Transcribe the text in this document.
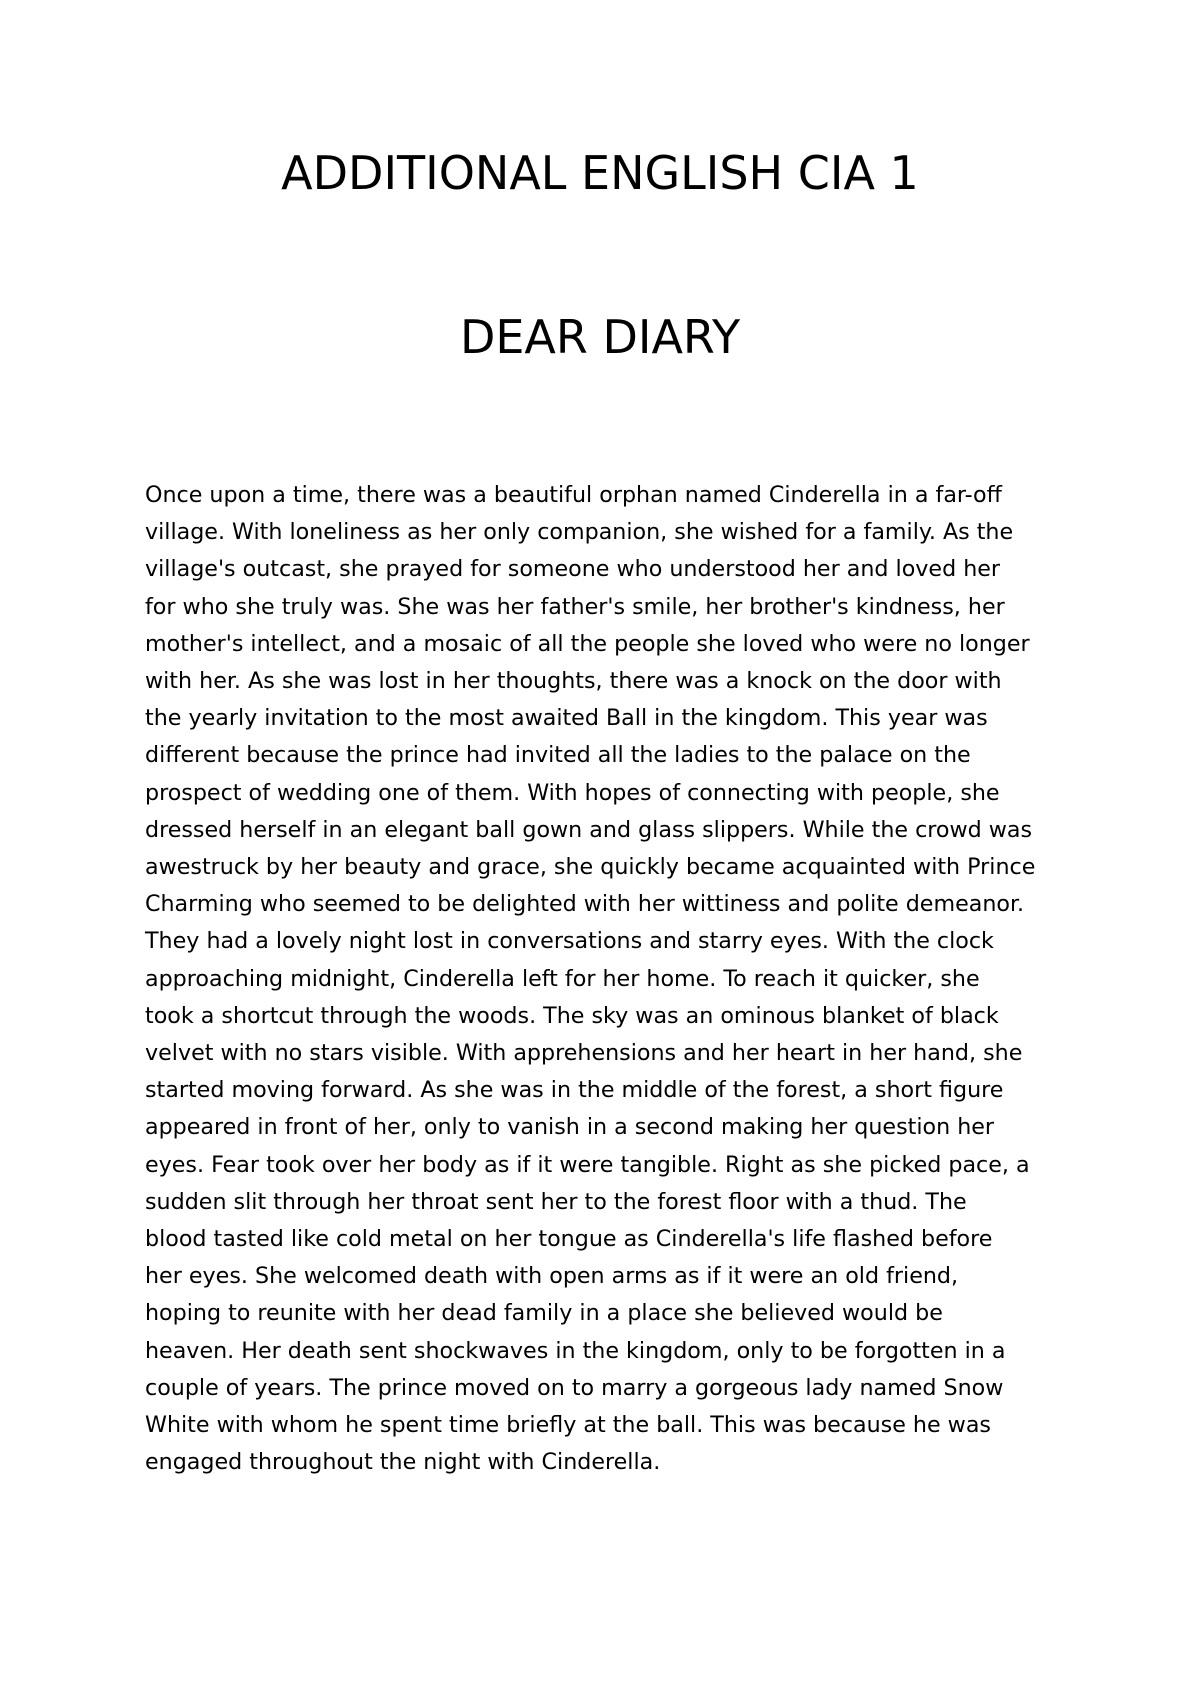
ADDITIONAL ENGLISH CIA 1
DEAR DIARY
Once upon a time, there was a beautiful orphan named Cinderella in a far-off
village. With loneliness as her only companion, she wished for a family. As the
village's outcast, she prayed for someone who understood her and loved her
for who she truly was. She was her father's smile, her brother's kindness, her
mother's intellect, and a mosaic of all the people she loved who were no longer
with her. As she was lost in her thoughts, there was a knock on the door with
the yearly invitation to the most awaited Ball in the kingdom. This year was
different because the prince had invited all the ladies to the palace on the
prospect of wedding one of them. With hopes of connecting with people, she
dressed herself in an elegant ball gown and glass slippers. While the crowd was
awestruck by her beauty and grace, she quickly became acquainted with Prince
Charming who seemed to be delighted with her wittiness and polite demeanor.
They had a lovely night lost in conversations and starry eyes. With the clock
approaching midnight, Cinderella left for her home. To reach it quicker, she
took a shortcut through the woods. The sky was an ominous blanket of black
velvet with no stars visible. With apprehensions and her heart in her hand, she
started moving forward. As she was in the middle of the forest, a short figure
appeared in front of her, only to vanish in a second making her question her
eyes. Fear took over her body as if it were tangible. Right as she picked pace, a
sudden slit through her throat sent her to the forest floor with a thud. The
blood tasted like cold metal on her tongue as Cinderella's life flashed before
her eyes. She welcomed death with open arms as if it were an old friend,
hoping to reunite with her dead family in a place she believed would be
heaven. Her death sent shockwaves in the kingdom, only to be forgotten in a
couple of years. The prince moved on to marry a gorgeous lady named Snow
White with whom he spent time briefly at the ball. This was because he was
engaged throughout the night with Cinderella.
